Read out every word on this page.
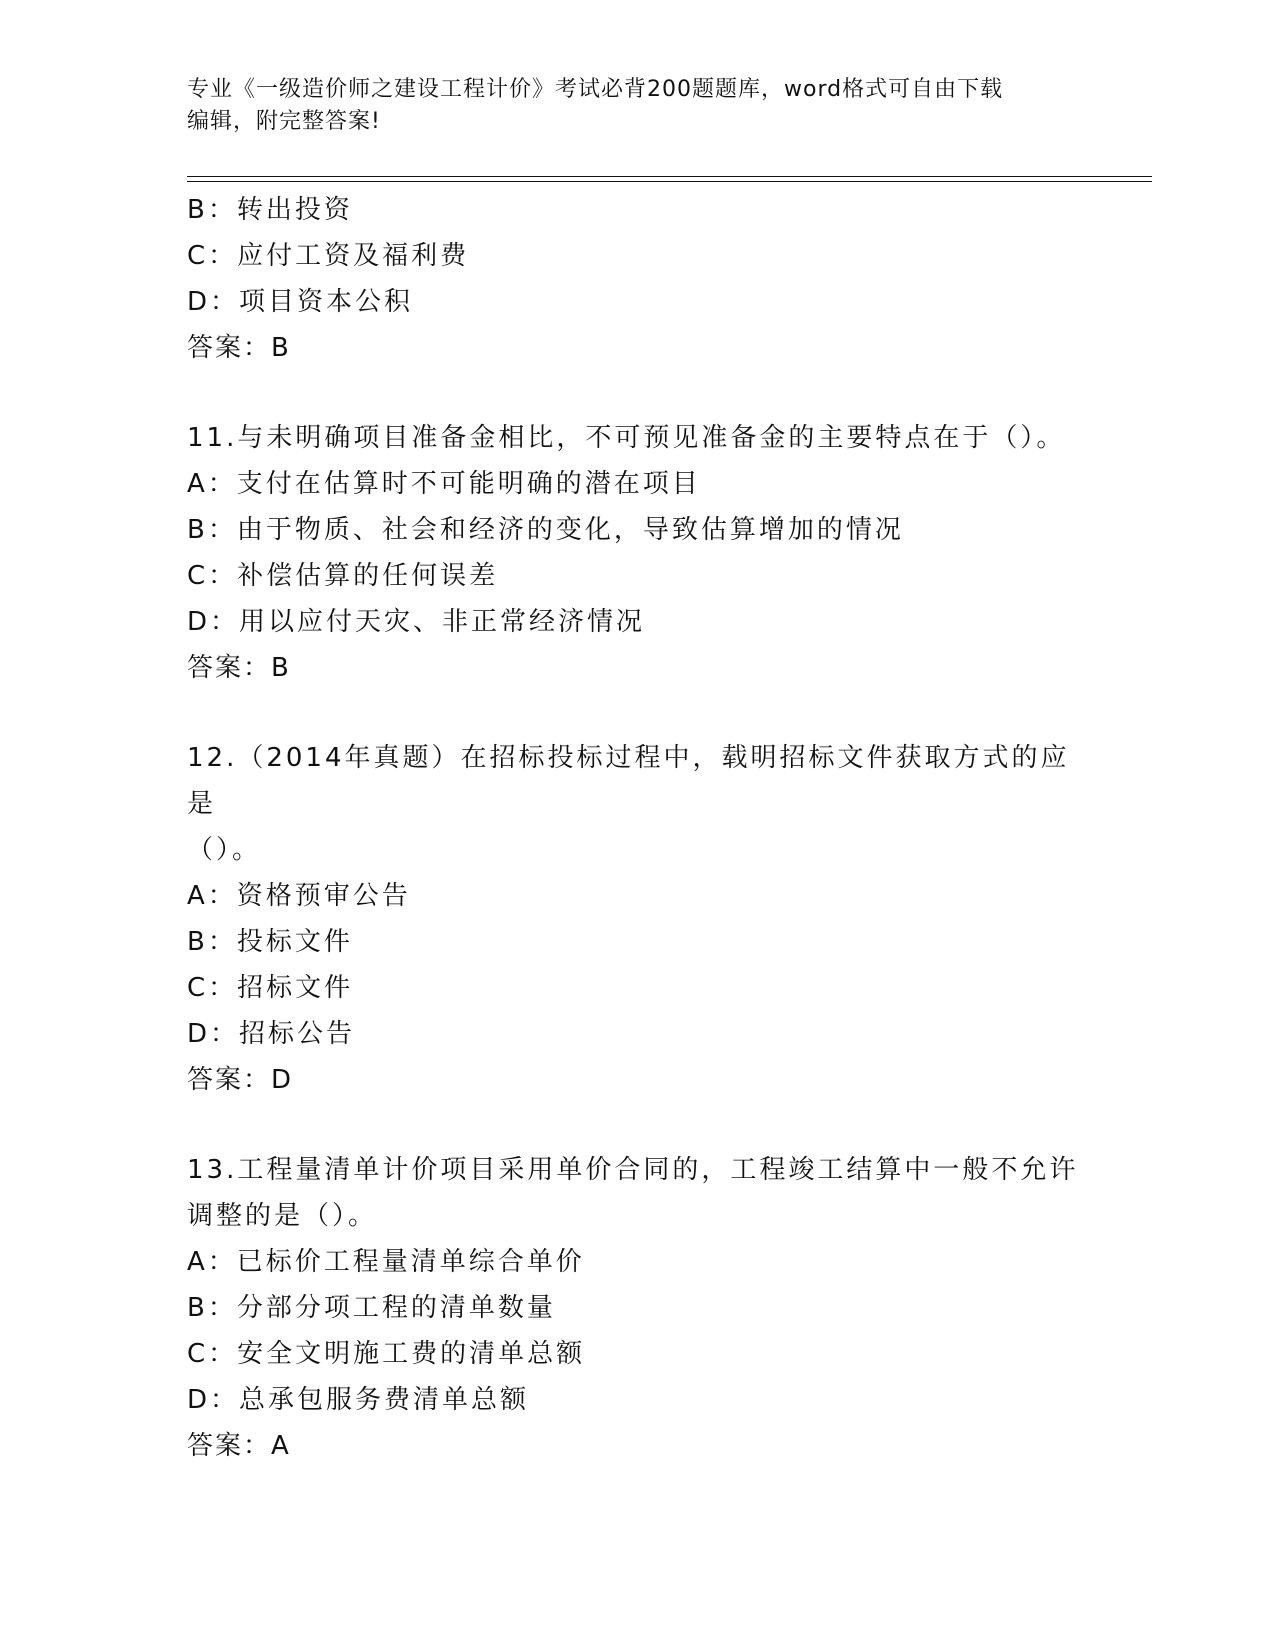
专业《一级造价师之建设工程计价》考试必背200题题库，word格式可自由下载
编辑，附完整答案!
B：转出投资
C：应付工资及福利费
D：项目资本公积
答案：B
11.与未明确项目准备金相比，不可预见准备金的主要特点在于（）。
A：支付在估算时不可能明确的潜在项目
B：由于物质、社会和经济的变化，导致估算增加的情况
C：补偿估算的任何误差
D：用以应付天灾、非正常经济情况
答案：B
12.（2014年真题）在招标投标过程中，载明招标文件获取方式的应是
（）。
A：资格预审公告
B：投标文件
C：招标文件
D：招标公告
答案：D
13.工程量清单计价项目采用单价合同的，工程竣工结算中一般不允许
调整的是（）。
A：已标价工程量清单综合单价
B：分部分项工程的清单数量
C：安全文明施工费的清单总额
D：总承包服务费清单总额
答案：A
